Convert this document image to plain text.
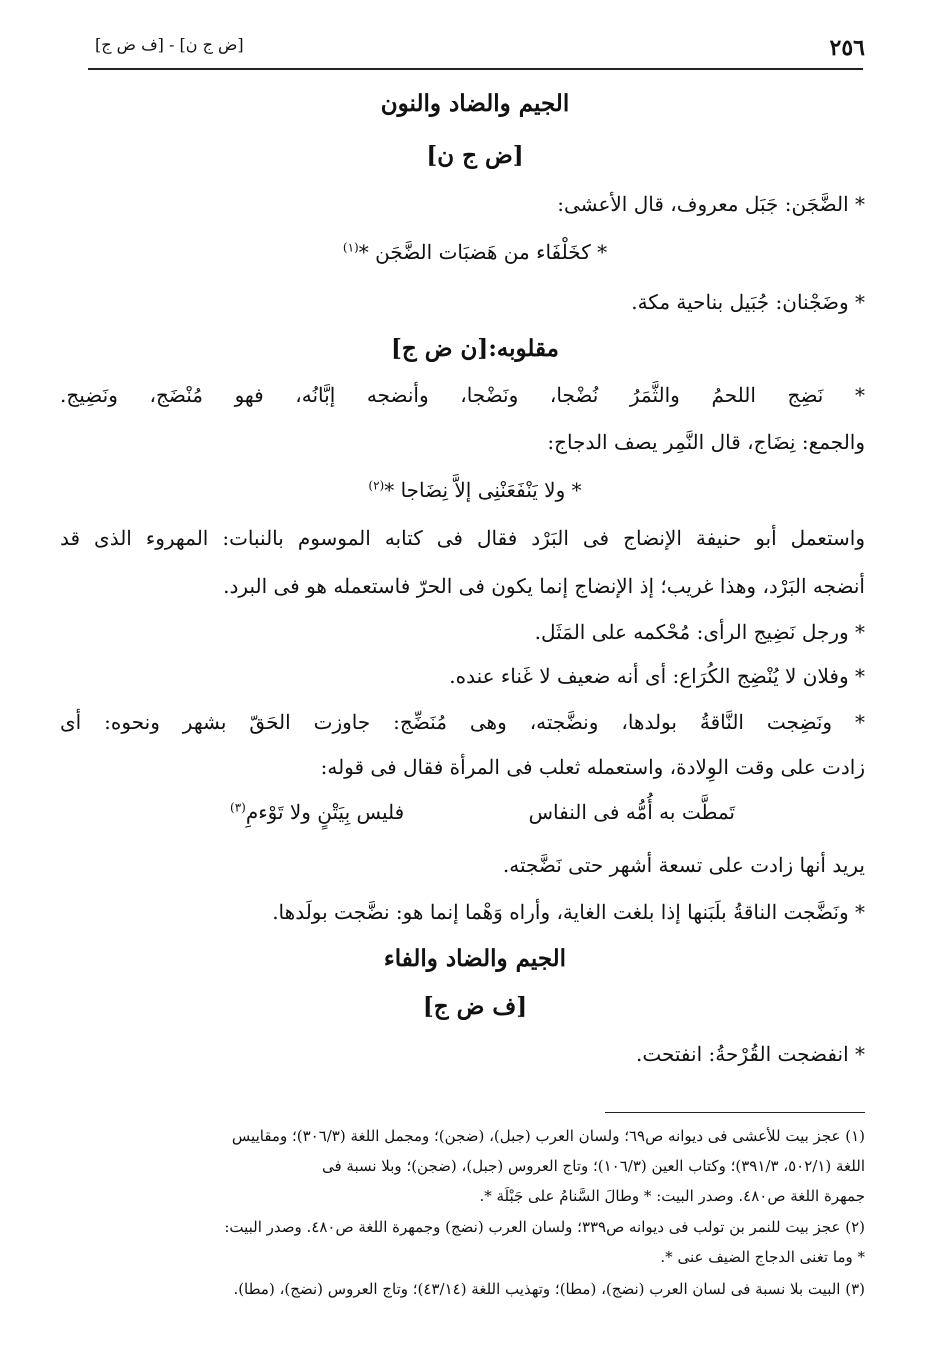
٢٥٦
[ض ج ن] - [ف ض ج]
الجيم والضاد والنون
[ض ج ن]
* الضَّجَن: جَبَل معروف، قال الأعشى:
* كخَلْفَاء من هَضبَات الضَّجَن *$^{(١)}$
* وضَجْنان: جُبَيل بناحية مكة.
مقلوبه:[ن ض ج]
* نَضِج اللحمُ والثَّمَرُ نُضْجا، ونَضْجا، وأنضجه إبَّانُه، فهو مُنْضَج، ونَضِيج.
والجمع: نِضَاج، قال النَّمِر يصف الدجاج:
* ولا يَنْفَعَنْنِى إلاَّ نِضَاجا *$^{(٢)}$
واستعمل أبو حنيفة الإنضاج فى البَرْد فقال فى كتابه الموسوم بالنبات: المهروء الذى قد
أنضجه البَرْد، وهذا غريب؛ إذ الإنضاج إنما يكون فى الحرّ فاستعمله هو فى البرد.
* ورجل نَضِيج الرأى: مُحْكمه على المَثَل.
* وفلان لا يُنْضِج الكُرَاع: أى أنه ضعيف لا غَناء عنده.
* ونَضِجت النَّاقةُ بولدها، ونضَّجته، وهى مُنَضِّج: جاوزت الحَقّ بشهر ونحوه: أى
زادت على وقت الوِلادة، واستعمله ثعلب فى المرأة فقال فى قوله:
تَمطَّت به أُمُّه فى النفاس
فليس بِيَتْنٍ ولا تَوْءمِ$^{(٣)}$
يريد أنها زادت على تسعة أشهر حتى نَضَّجته.
* ونَضَّجت الناقةُ بلَبَنها إذا بلغت الغاية، وأراه وَهْما إنما هو: نضَّجت بولَدها.
الجيم والضاد والفاء
[ف ض ج]
* انفضجت القُرْحةُ: انفتحت.
(١) عجز بيت للأعشى فى ديوانه ص٦٩؛ ولسان العرب (جبل)، (ضجن)؛ ومجمل اللغة (٣٠٦/٣)؛ ومقاييس
اللغة (٥٠٢/١، ٣٩١/٣)؛ وكتاب العين (١٠٦/٣)؛ وتاج العروس (جبل)، (ضجن)؛ وبلا نسبة فى
جمهرة اللغة ص٤٨٠. وصدر البيت: * وطالَ السَّنامُ على جَبْلَة *.
(٢) عجز بيت للنمر بن تولب فى ديوانه ص٣٣٩؛ ولسان العرب (نضج) وجمهرة اللغة ص٤٨٠. وصدر البيت:
* وما تغنى الدجاج الضيف عنى *.
(٣) البيت بلا نسبة فى لسان العرب (نضج)، (مطا)؛ وتهذيب اللغة (٤٣/١٤)؛ وتاج العروس (نضج)، (مطا).
